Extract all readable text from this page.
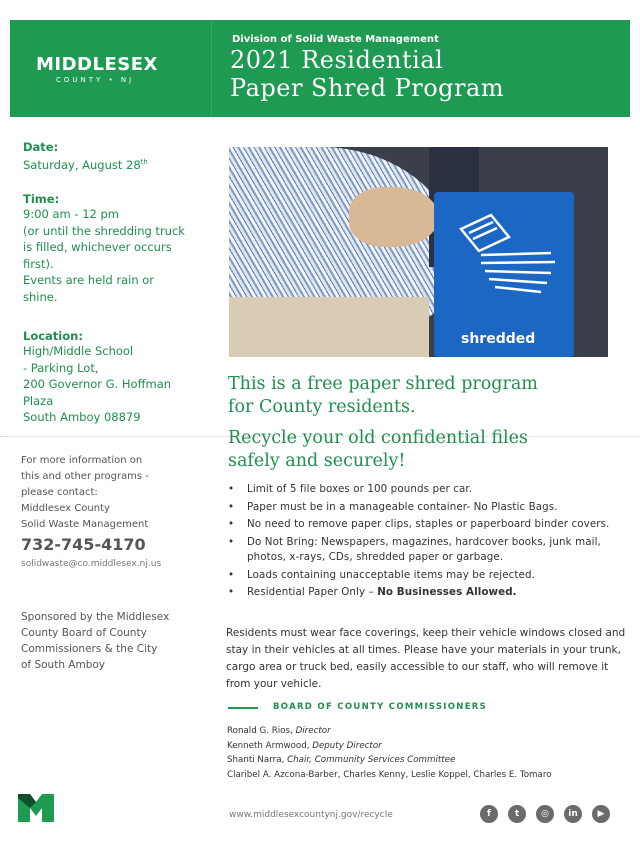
MIDDLESEX
COUNTY • NJ
Division of Solid Waste Management
2021 Residential
Paper Shred Program
Date:
Saturday, August 28th
Time:
9:00 am - 12 pm
(or until the shredding truck
is filled, whichever occurs
first).
Events are held rain or
shine.
Location:
High/Middle School
- Parking Lot,
200 Governor G. Hoffman
Plaza
South Amboy 08879
For more information on
this and other programs -
please contact:
Middlesex County
Solid Waste Management
732-745-4170
solidwaste@co.middlesex.nj.us
Sponsored by the Middlesex
County Board of County
Commissioners & the City
of South Amboy
shredded
This is a free paper shred program
for County residents.
Recycle your old confidential files
safely and securely!
• Limit of 5 file boxes or 100 pounds per car.
• Paper must be in a manageable container- No Plastic Bags.
• No need to remove paper clips, staples or paperboard binder covers.
• Do Not Bring: Newspapers, magazines, hardcover books, junk mail, photos, x-rays, CDs, shredded paper or garbage.
• Loads containing unacceptable items may be rejected.
• Residential Paper Only – No Businesses Allowed.
Residents must wear face coverings, keep their vehicle windows closed and stay in their vehicles at all times. Please have your materials in your trunk, cargo area or truck bed, easily accessible to our staff, who will remove it from your vehicle.
BOARD OF COUNTY COMMISSIONERS
Ronald G. Rios, Director
Kenneth Armwood, Deputy Director
Shanti Narra, Chair, Community Services Committee
Claribel A. Azcona-Barber, Charles Kenny, Leslie Koppel, Charles E. Tomaro
www.middlesexcountynj.gov/recycle	f	t	◎	in	▶
